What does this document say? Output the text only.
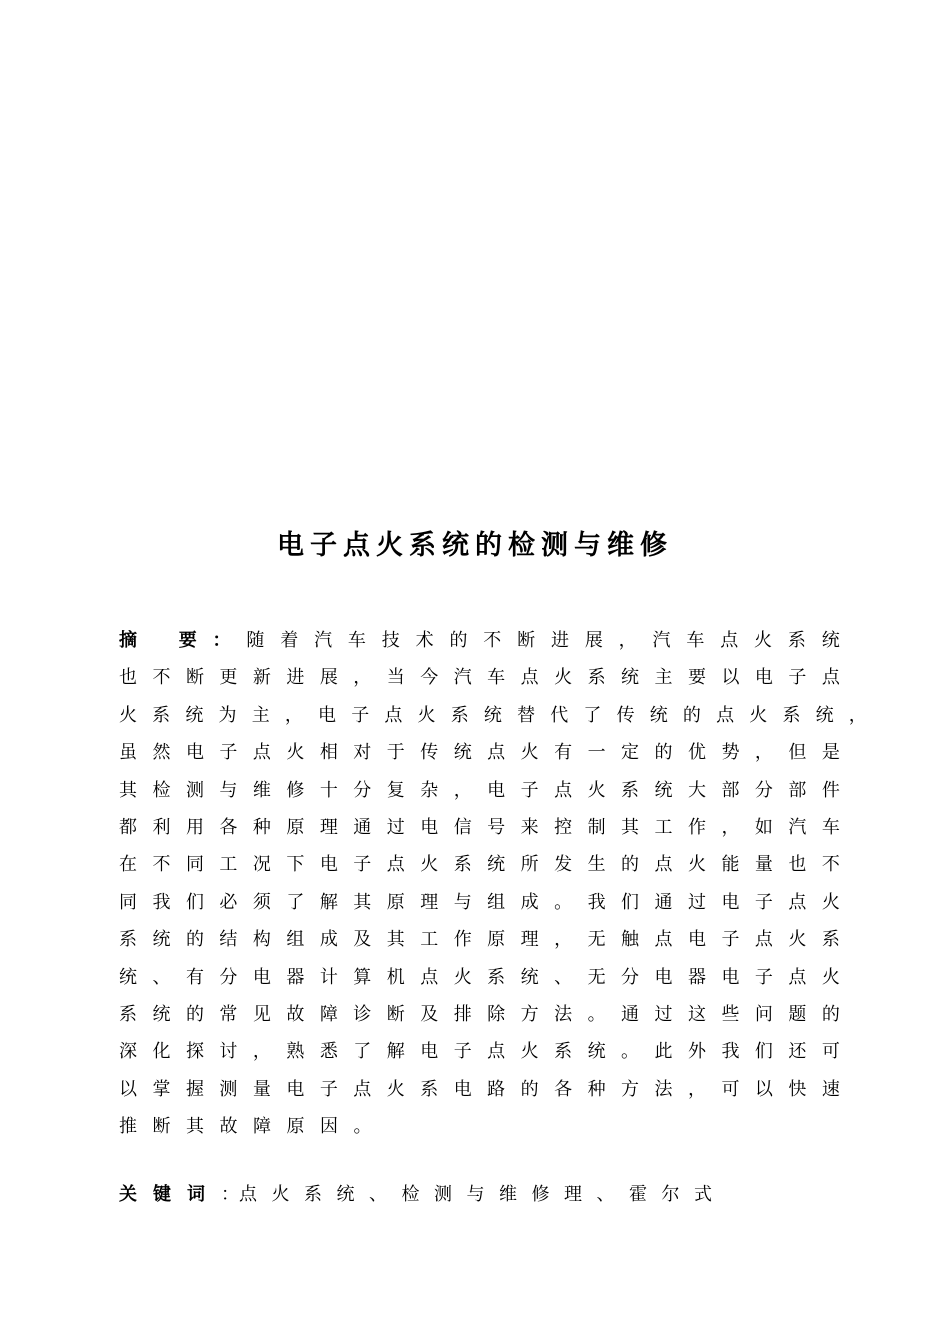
电子点火系统的检测与维修
摘 要 ： 随 着 汽 车 技 术 的 不 断 进 展 ， 汽 车 点 火 系 统
也 不 断 更 新 进 展 ， 当 今 汽 车 点 火 系 统 主 要 以 电 子 点
火 系 统 为 主 ， 电 子 点 火 系 统 替 代 了 传 统 的 点 火 系 统 ，
虽 然 电 子 点 火 相 对 于 传 统 点 火 有 一 定 的 优 势 ， 但 是
其 检 测 与 维 修 十 分 复 杂 ， 电 子 点 火 系 统 大 部 分 部 件
都 利 用 各 种 原 理 通 过 电 信 号 来 控 制 其 工 作 ， 如 汽 车
在 不 同 工 况 下 电 子 点 火 系 统 所 发 生 的 点 火 能 量 也 不
同 我 们 必 须 了 解 其 原 理 与 组 成 。 我 们 通 过 电 子 点 火
系 统 的 结 构 组 成 及 其 工 作 原 理 ， 无 触 点 电 子 点 火 系
统 、 有 分 电 器 计 算 机 点 火 系 统 、 无 分 电 器 电 子 点 火
系 统 的 常 见 故 障 诊 断 及 排 除 方 法 。 通 过 这 些 问 题 的
深 化 探 讨 ， 熟 悉 了 解 电 子 点 火 系 统 。 此 外 我 们 还 可
以 掌 握 测 量 电 子 点 火 系 电 路 的 各 种 方 法 ， 可 以 快 速
推断其故障原因。
关键词：点火系统、检测与维修理、霍尔式
